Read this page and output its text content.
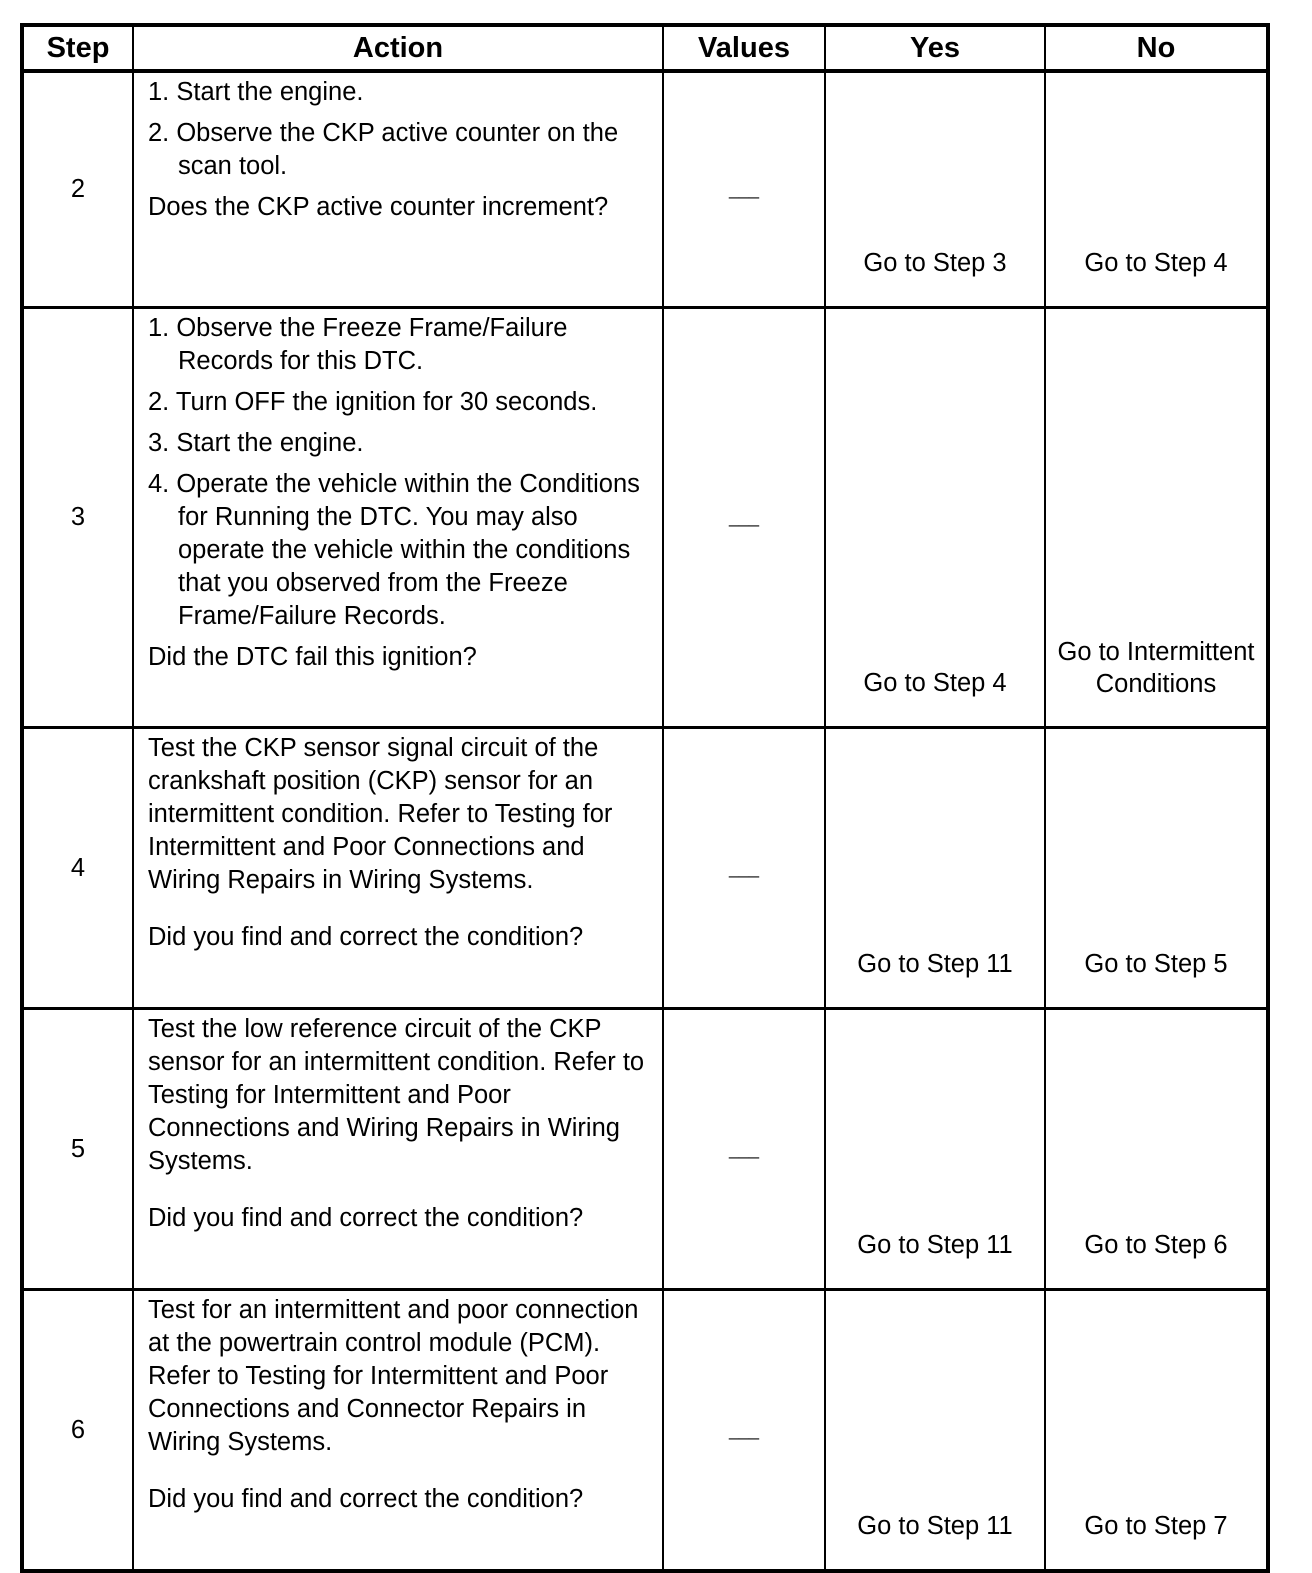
Step	Action	Values	Yes	No
2	1. Start the engine.
2. Observe the CKP active counter on the scan tool.
Does the CKP active counter increment?	___	Go to Step 3	Go to Step 4
3	1. Observe the Freeze Frame/Failure Records for this DTC.
2. Turn OFF the ignition for 30 seconds.
3. Start the engine.
4. Operate the vehicle within the Conditions for Running the DTC. You may also operate the vehicle within the conditions that you observed from the Freeze Frame/Failure Records.
Did the DTC fail this ignition?	___	Go to Step 4	Go to Intermittent Conditions
4	Test the CKP sensor signal circuit of the crankshaft position (CKP) sensor for an intermittent condition. Refer to Testing for Intermittent and Poor Connections and Wiring Repairs in Wiring Systems.
Did you find and correct the condition?	___	Go to Step 11	Go to Step 5
5	Test the low reference circuit of the CKP sensor for an intermittent condition. Refer to Testing for Intermittent and Poor Connections and Wiring Repairs in Wiring Systems.
Did you find and correct the condition?	___	Go to Step 11	Go to Step 6
6	Test for an intermittent and poor connection at the powertrain control module (PCM). Refer to Testing for Intermittent and Poor Connections and Connector Repairs in Wiring Systems.
Did you find and correct the condition?	___	Go to Step 11	Go to Step 7
